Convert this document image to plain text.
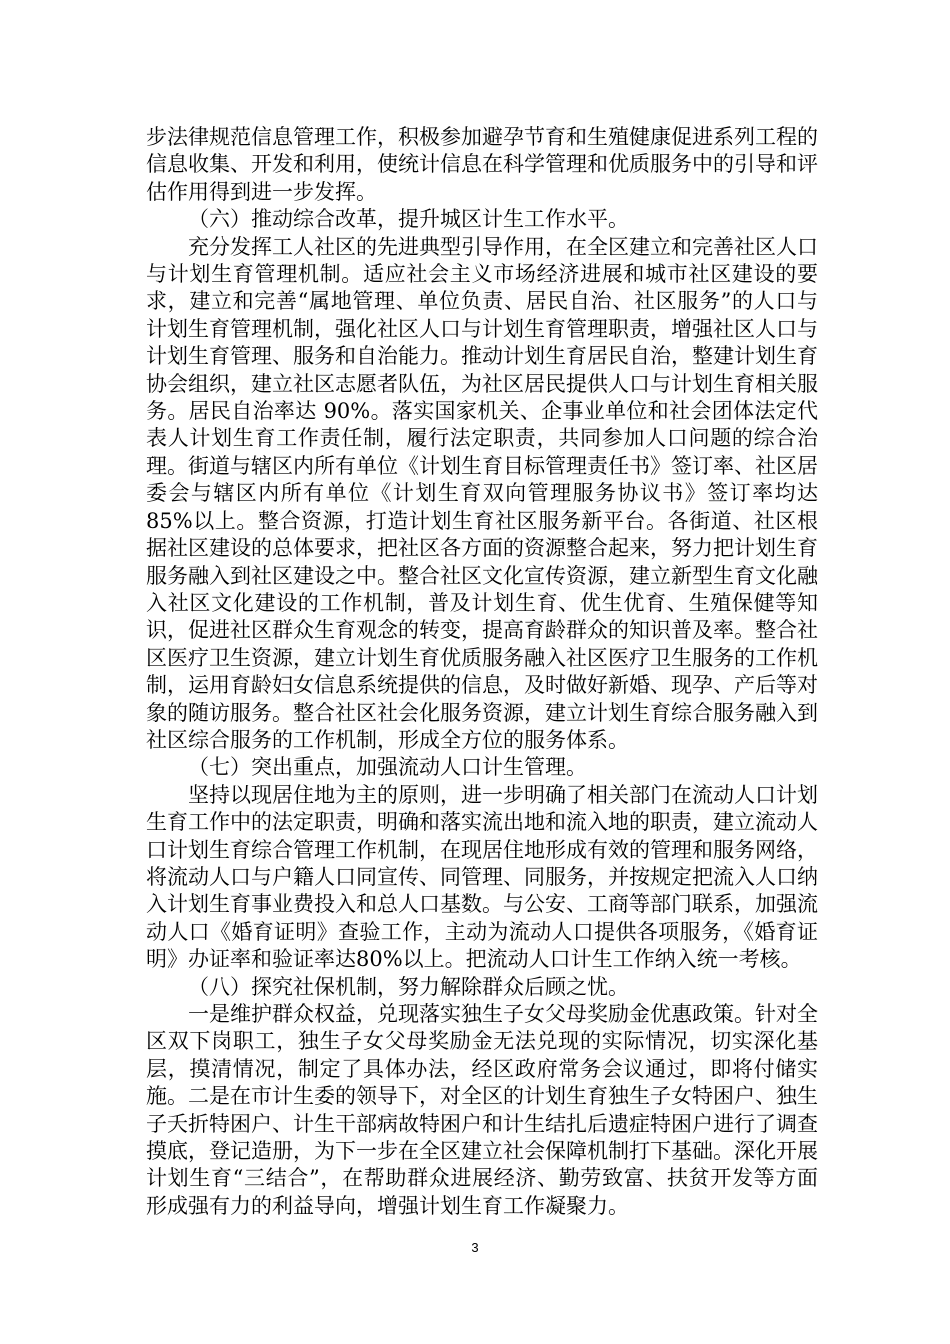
步法律规范信息管理工作，积极参加避孕节育和生殖健康促进系列工程的信息收集、开发和利用，使统计信息在科学管理和优质服务中的引导和评估作用得到进一步发挥。

（六）推动综合改革，提升城区计生工作水平。

充分发挥工人社区的先进典型引导作用，在全区建立和完善社区人口与计划生育管理机制。适应社会主义市场经济进展和城市社区建设的要求，建立和完善“属地管理、单位负责、居民自治、社区服务”的人口与计划生育管理机制，强化社区人口与计划生育管理职责，增强社区人口与计划生育管理、服务和自治能力。推动计划生育居民自治，整建计划生育协会组织，建立社区志愿者队伍，为社区居民提供人口与计划生育相关服务。居民自治率达 90%。落实国家机关、企事业单位和社会团体法定代表人计划生育工作责任制，履行法定职责，共同参加人口问题的综合治理。街道与辖区内所有单位《计划生育目标管理责任书》签订率、社区居委会与辖区内所有单位《计划生育双向管理服务协议书》签订率均达 85%以上。整合资源，打造计划生育社区服务新平台。各街道、社区根据社区建设的总体要求，把社区各方面的资源整合起来，努力把计划生育服务融入到社区建设之中。整合社区文化宣传资源，建立新型生育文化融入社区文化建设的工作机制，普及计划生育、优生优育、生殖保健等知识，促进社区群众生育观念的转变，提高育龄群众的知识普及率。整合社区医疗卫生资源，建立计划生育优质服务融入社区医疗卫生服务的工作机制，运用育龄妇女信息系统提供的信息，及时做好新婚、现孕、产后等对象的随访服务。整合社区社会化服务资源，建立计划生育综合服务融入到社区综合服务的工作机制，形成全方位的服务体系。

（七）突出重点，加强流动人口计生管理。

坚持以现居住地为主的原则，进一步明确了相关部门在流动人口计划生育工作中的法定职责，明确和落实流出地和流入地的职责，建立流动人口计划生育综合管理工作机制，在现居住地形成有效的管理和服务网络，将流动人口与户籍人口同宣传、同管理、同服务，并按规定把流入人口纳入计划生育事业费投入和总人口基数。与公安、工商等部门联系，加强流动人口《婚育证明》查验工作，主动为流动人口提供各项服务，《婚育证明》办证率和验证率达80%以上。把流动人口计生工作纳入统一考核。

（八）探究社保机制，努力解除群众后顾之忧。

一是维护群众权益，兑现落实独生子女父母奖励金优惠政策。针对全区双下岗职工，独生子女父母奖励金无法兑现的实际情况，切实深化基层，摸清情况，制定了具体办法，经区政府常务会议通过，即将付储实施。二是在市计生委的领导下，对全区的计划生育独生子女特困户、独生子夭折特困户、计生干部病故特困户和计生结扎后遗症特困户进行了调查摸底，登记造册，为下一步在全区建立社会保障机制打下基础。深化开展计划生育“三结合”，在帮助群众进展经济、勤劳致富、扶贫开发等方面形成强有力的利益导向，增强计划生育工作凝聚力。

3
